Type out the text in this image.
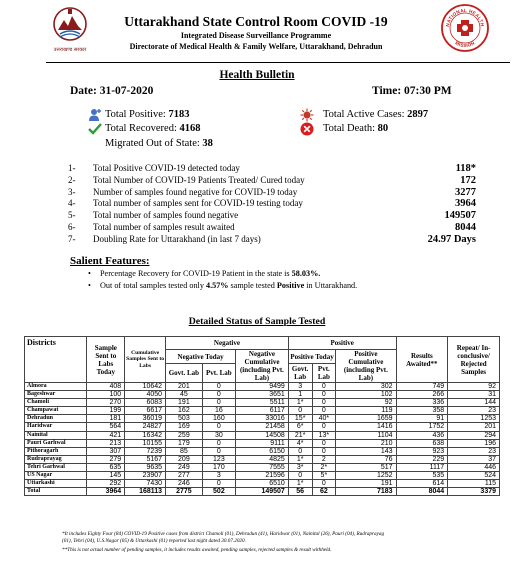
उत्तराखण्ड सरकार
Uttarakhand State Control Room COVID -19
Integrated Disease Surveillance Programme
Directorate of Medical Health & Family Welfare, Uttarakhand, Dehradun
NATIONAL HEALTH
MISSION
Health Bulletin
Date: 31-07-2020	Time: 07:30 PM
Total Positive: 7183
Total Recovered: 4168
Migrated Out of State: 38
Total Active Cases: 2897
Total Death: 80
1- Total Positive COVID-19 detected today	118*
2- Total Number of COVID-19 Patients Treated/ Cured today	172
3- Number of samples found negative for COVID-19 today	3277
4- Total number of samples sent for COVID-19 testing today	3964
5- Total number of samples found negative	149507
6- Total number of samples result awaited	8044
7- Doubling Rate for Uttarakhand (in last 7 days)	24.97 Days
Salient Features:
• Percentage Recovery for COVID-19 Patient in the state is 58.03%.
• Out of total samples tested only 4.57% sample tested Positive in Uttarakhand.
Detailed Status of Sample Tested
Districts	Sample Sent to Labs Today	Cumulative Samples Sent to Labs	Negative			Positive			Results Awaited**	Repeat/ In-conclusive/ Rejected Samples
			Negative Today		Negative Cumulative (including Pvt. Lab)	Positive Today		Positive Cumulative (including Pvt. Lab)		
			Govt. Lab	Pvt. Lab		Govt. Lab	Pvt. Lab			
Almora	408	10642	201	0	9499	3	0	302	749	92
Bageshwar	100	4050	45	0	3651	1	0	102	266	31
Chamoli	270	6083	191	0	5511	1*	0	92	336	144
Champawat	199	6617	162	16	6117	0	0	119	358	23
Dehradun	181	36019	503	160	33016	15*	40*	1659	91	1253
Haridwar	564	24827	169	0	21458	6*	0	1416	1752	201
Nainital	421	16342	259	30	14508	21*	13*	1104	436	294
Pauri Garhwal	213	10155	179	0	9111	4*	0	210	638	196
Pithoragarh	307	7239	85	0	6150	0	0	143	923	23
Rudraprayag	279	5167	209	123	4825	1*	2	76	229	37
Tehri Garhwal	635	9635	249	170	7555	3*	2*	517	1117	446
US Nagar	145	23907	277	3	21596	0	5*	1252	535	524
Uttarkashi	292	7430	246	0	6510	1*	0	191	614	115
Total	3964	168113	2775	502	149507	56	62	7183	8044	3379
*It includes Eighty Four (84) COVID-19 Positive cases from district Chamoli (01), Dehradun (41), Haridwar (01), Nainital (26), Pauri (04), Rudraprayag
(01), Tehri (04), U.S.Nagar (05) & Uttarkashi (01) reported last night dated 30.07.2020.
**This is not actual number of pending samples, it includes results awaited, pending samples, rejected samples & result withheld.
